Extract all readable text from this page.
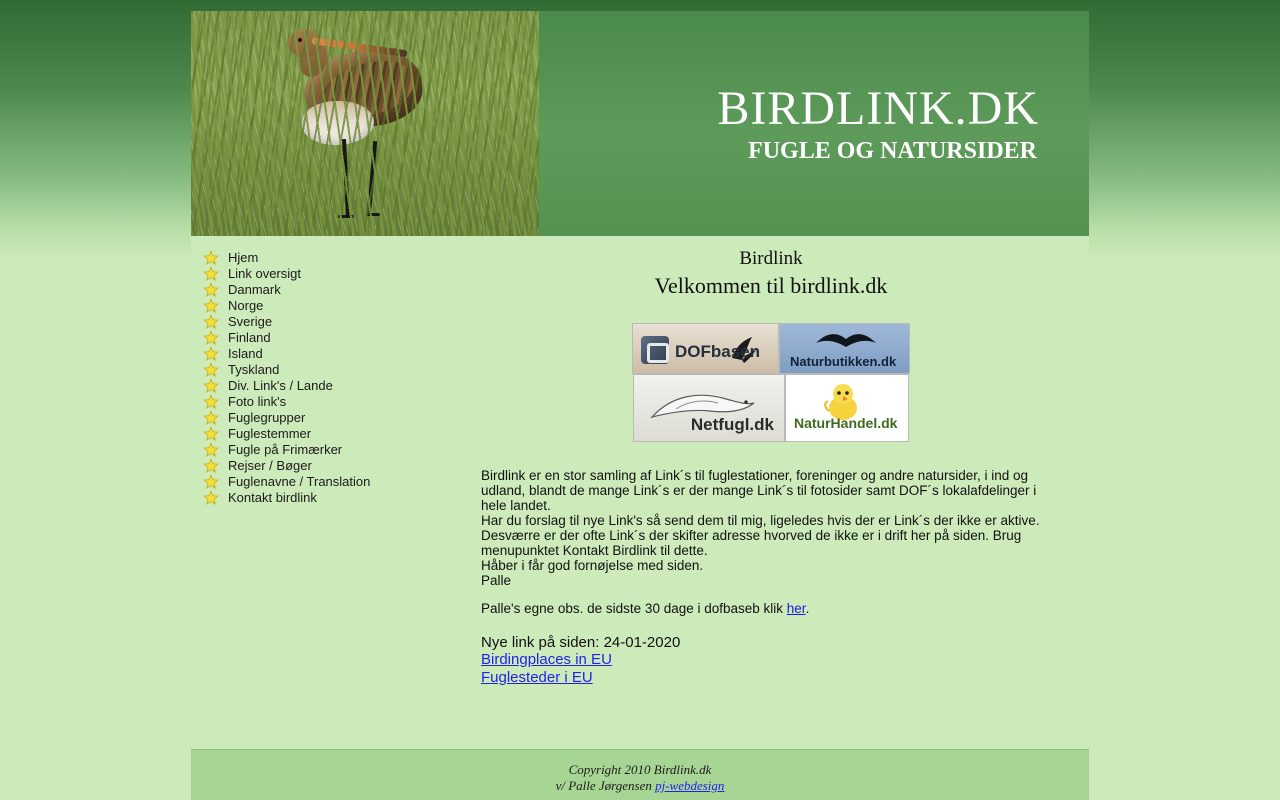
BIRDLINK.DK
FUGLE OG NATURSIDER
Hjem
Link oversigt
Danmark
Norge
Sverige
Finland
Island
Tyskland
Div. Link's / Lande
Foto link's
Fuglegrupper
Fuglestemmer
Fugle på Frimærker
Rejser / Bøger
Fuglenavne / Translation
Kontakt birdlink
Birdlink
Velkommen til birdlink.dk
DOFbasen
Naturbutikken.dk
Netfugl.dk NaturHandel.dk

Birdlink er en stor samling af Link´s til fuglestationer, foreninger og andre natursider, i ind og udland, blandt de mange Link´s er der mange Link´s til fotosider samt DOF´s lokalafdelinger i hele landet.

Har du forslag til nye Link's så send dem til mig, ligeledes hvis der er Link´s der ikke er aktive. Desværre er der ofte Link´s der skifter adresse hvorved de ikke er i drift her på siden. Brug menupunktet Kontakt Birdlink til dette.

Håber i får god fornøjelse med siden.

Palle

Palle's egne obs. de sidste 30 dage i dofbaseb klik her.

Nye link på siden: 24-01-2020
Birdingplaces in EU
Fuglesteder i EU
Copyright 2010 Birdlink.dk
v/ Palle Jørgensen pj-webdesign
